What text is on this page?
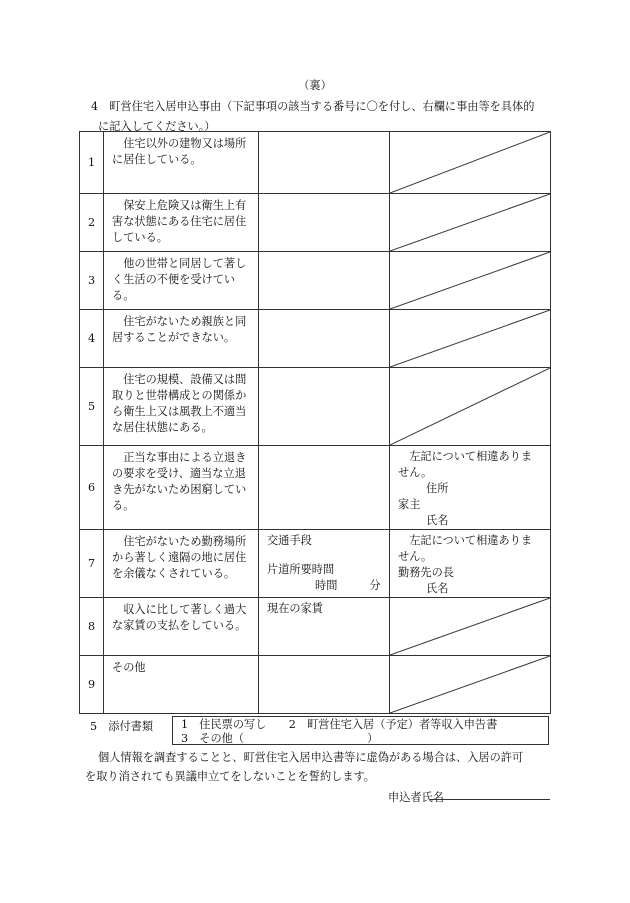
（裏）
4　町営住宅入居申込事由（下記事項の該当する番号に〇を付し、右欄に事由等を具体的
に記入してください。）
1	住宅以外の建物又は場所に居住している。

2	保安上危険又は衛生上有害な状態にある住宅に居住している。

3	他の世帯と同居して著しく生活の不便を受けている。

4	住宅がないため親族と同居することができない。

5	住宅の規模、設備又は間取りと世帯構成との関係から衛生上又は風教上不適当な居住状態にある。

6	正当な事由による立退きの要求を受け、適当な立退き先がないため困窮している。		左記について相違ありま
せん。
住所
家主
氏名

7	住宅がないため勤務場所から著しく遠隔の地に居住を余儀なくされている。	交通手段
片道所要時間
時間 分	左記について相違ありま
せん。
勤務先の長
氏名

8	収入に比して著しく過大な家賃の支払をしている。	現在の家賃

9	その他

5　添付書類 1　住民票の写し　　2　町営住宅入居（予定）者等収入申告書
3　その他（　　　　　　　　　　　）
個人情報を調査することと、町営住宅入居申込書等に虚偽がある場合は、入居の許可
を取り消されても異議申立てをしないことを誓約します。
申込者氏名
